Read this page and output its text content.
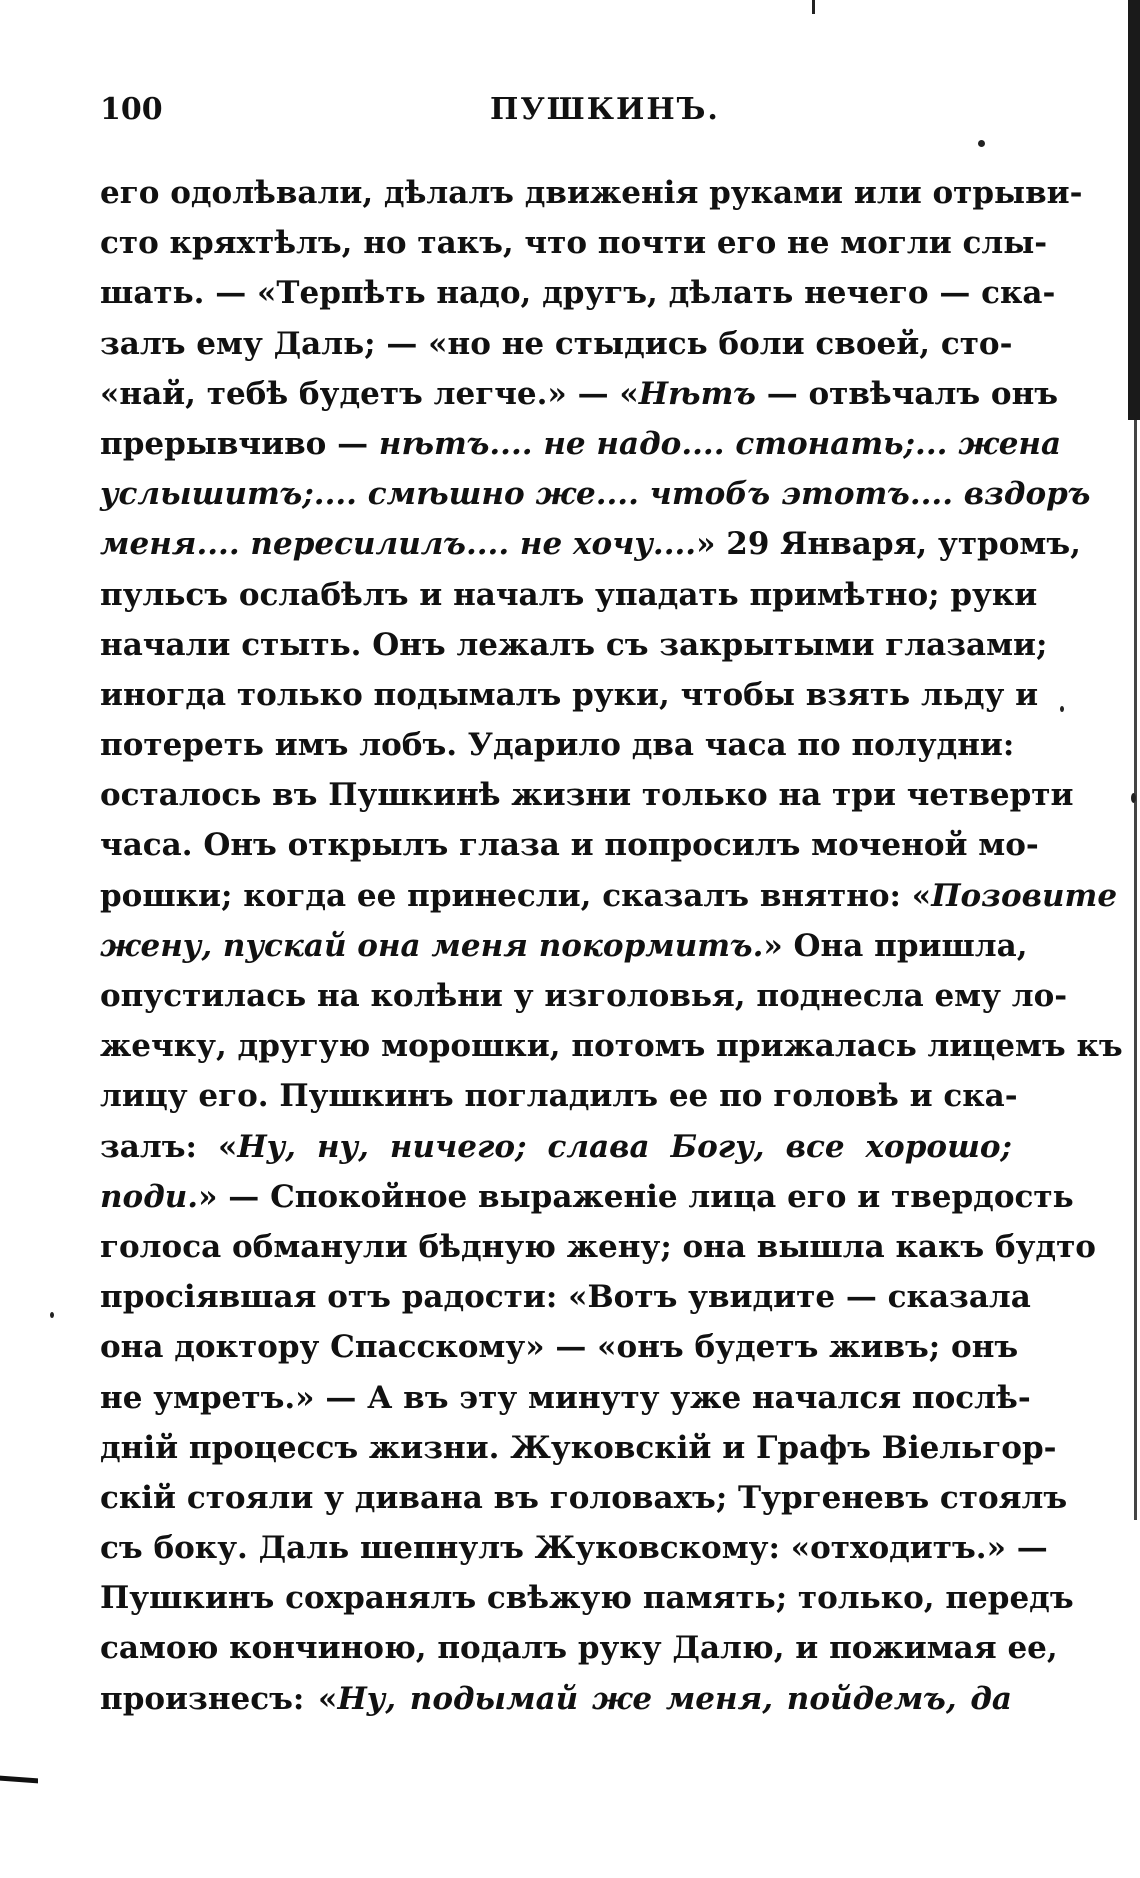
100	ПУШКИНЪ.
его одолѣвали, дѣлалъ движенія руками или отрыви-
сто кряхтѣлъ, но такъ, что почти его не могли слы-
шать. — «Терпѣть надо, другъ, дѣлать нечего — ска-
залъ ему Даль; — «но не стыдись боли своей, сто-
«най, тебѣ будетъ легче.» — «Нѣтъ — отвѣчалъ онъ
прерывчиво — нѣтъ.... не надо.... стонать;... жена
услышитъ;.... смѣшно же.... чтобъ этотъ.... вздоръ
меня.... пересилилъ.... не хочу....» 29 Января, утромъ,
пульсъ ослабѣлъ и началъ упадать примѣтно; руки
начали стыть. Онъ лежалъ съ закрытыми глазами;
иногда только подымалъ руки, чтобы взять льду и
потереть имъ лобъ. Ударило два часа по полудни:
осталось въ Пушкинѣ жизни только на три четверти
часа. Онъ открылъ глаза и попросилъ моченой мо-
рошки; когда ее принесли, сказалъ внятно: «Позовите
жену, пускай она меня покормитъ.» Она пришла,
опустилась на колѣни у изголовья, поднесла ему ло-
жечку, другую морошки, потомъ прижалась лицемъ къ
лицу его. Пушкинъ погладилъ ее по головѣ и ска-
залъ: «Ну, ну, ничего; слава Богу, все хорошо;
поди.» — Спокойное выраженіе лица его и твердость
голоса обманули бѣдную жену; она вышла какъ будто
просіявшая отъ радости: «Вотъ увидите — сказала
она доктору Спасскому» — «онъ будетъ живъ; онъ
не умретъ.» — А въ эту минуту уже начался послѣ-
дній процессъ жизни. Жуковскій и Графъ Віельгор-
скій стояли у дивана въ головахъ; Тургеневъ стоялъ
съ боку. Даль шепнулъ Жуковскому: «отходитъ.» —
Пушкинъ сохранялъ свѣжую память; только, передъ
самою кончиною, подалъ руку Далю, и пожимая ее,
произнесъ: «Ну, подымай же меня, пойдемъ, да
